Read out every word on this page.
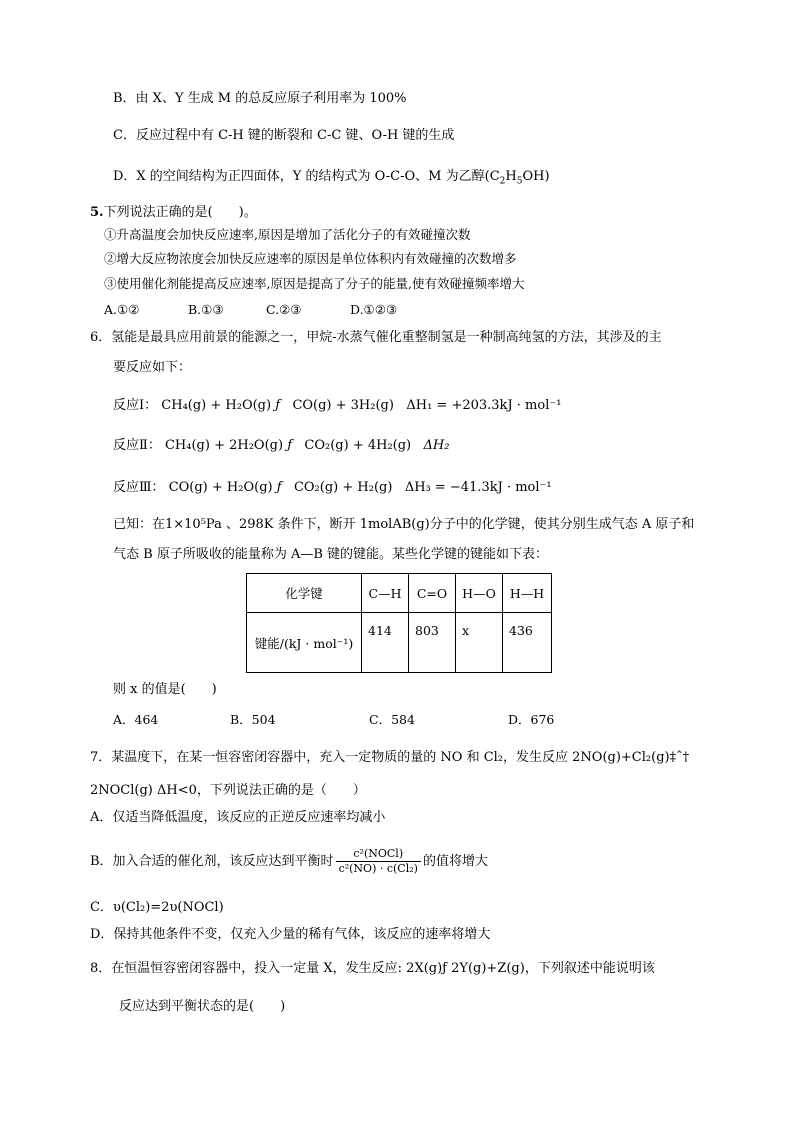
B．由 X、Y 生成 M 的总反应原子利用率为 100%
C．反应过程中有 C-H 键的断裂和 C-C 键、O-H 键的生成
D．X 的空间结构为正四面体，Y 的结构式为 O-C-O、M 为乙醇$(C_2H_5OH)$
5.下列说法正确的是(　　)。
①升高温度会加快反应速率,原因是增加了活化分子的有效碰撞次数
②增大反应物浓度会加快反应速率的原因是单位体积内有效碰撞的次数增多
③使用催化剂能提高反应速率,原因是提高了分子的能量,使有效碰撞频率增大
A.①②	B.①③	C.②③	D.①②③
6．氢能是最具应用前景的能源之一，甲烷-水蒸气催化重整制氢是一种制高纯氢的方法，其涉及的主
要反应如下：
反应Ⅰ： CH₄(g) + H₂O(g) ƒ CO(g) + 3H₂(g) ΔH₁ = +203.3kJ · mol⁻¹
反应Ⅱ： CH₄(g) + 2H₂O(g) ƒ CO₂(g) + 4H₂(g) ΔH₂
反应Ⅲ： CO(g) + H₂O(g) ƒ CO₂(g) + H₂(g) ΔH₃ = −41.3kJ · mol⁻¹
已知：在1×10⁵Pa 、298K 条件下，断开 1molAB(g)分子中的化学键，使其分别生成气态 A 原子和
气态 B 原子所吸收的能量称为 A—B 键的键能。某些化学键的键能如下表：
化学键	C—H	C=O	H—O	H—H
键能/(kJ · mol⁻¹)	414	803	x	436
则 x 的值是(　　)
A．464	B．504	C．584	D．676
7．某温度下，在某一恒容密闭容器中，充入一定物质的量的 NO 和 Cl₂，发生反应 2NO(g)+Cl₂(g)‡ˆ†
2NOCl(g) ΔH<0，下列说法正确的是（　　）
A．仅适当降低温度，该反应的正逆反应速率均减小
B．加入合适的催化剂，该反应达到平衡时 $\frac{\text{c²(NOCl)}}{\text{c²(NO) · c(Cl₂)}}$ 的值将增大
C．υ(Cl₂)=2υ(NOCl)
D．保持其他条件不变，仅充入少量的稀有气体，该反应的速率将增大
8．在恒温恒容密闭容器中，投入一定量 X，发生反应: 2X(g)ƒ 2Y(g)+Z(g)，下列叙述中能说明该
反应达到平衡状态的是(　　)
